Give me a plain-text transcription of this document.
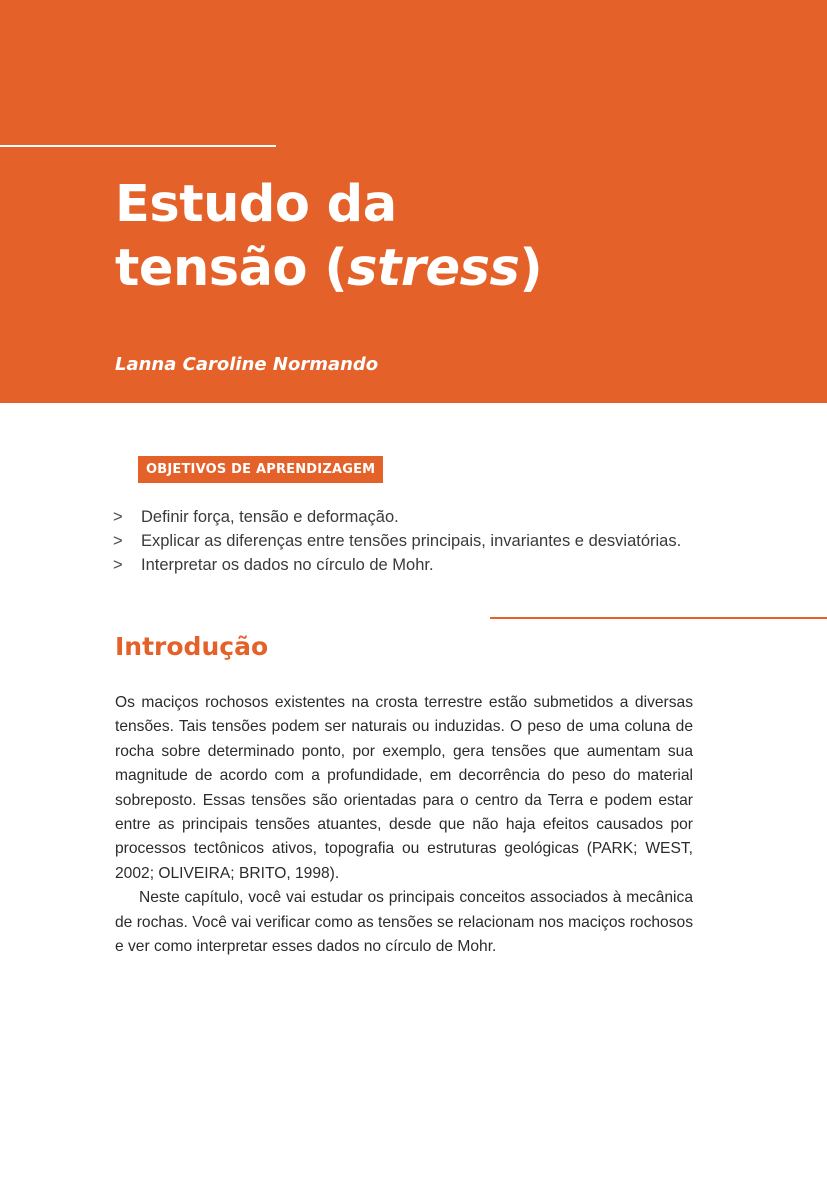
Estudo da
tensão (stress)
Lanna Caroline Normando
OBJETIVOS DE APRENDIZAGEM
>	Definir força, tensão e deformação.
>	Explicar as diferenças entre tensões principais, invariantes e desviatórias.
>	Interpretar os dados no círculo de Mohr.
Introdução

Os maciços rochosos existentes na crosta terrestre estão submetidos a diversas tensões. Tais tensões podem ser naturais ou induzidas. O peso de uma coluna de rocha sobre determinado ponto, por exemplo, gera tensões que aumentam sua magnitude de acordo com a profundidade, em decorrência do peso do material sobreposto. Essas tensões são orientadas para o centro da Terra e podem estar entre as principais tensões atuantes, desde que não haja efeitos causados por processos tectônicos ativos, topografia ou estruturas geológicas (PARK; WEST, 2002; OLIVEIRA; BRITO, 1998).

Neste capítulo, você vai estudar os principais conceitos associados à mecânica de rochas. Você vai verificar como as tensões se relacionam nos maciços rochosos e ver como interpretar esses dados no círculo de Mohr.
